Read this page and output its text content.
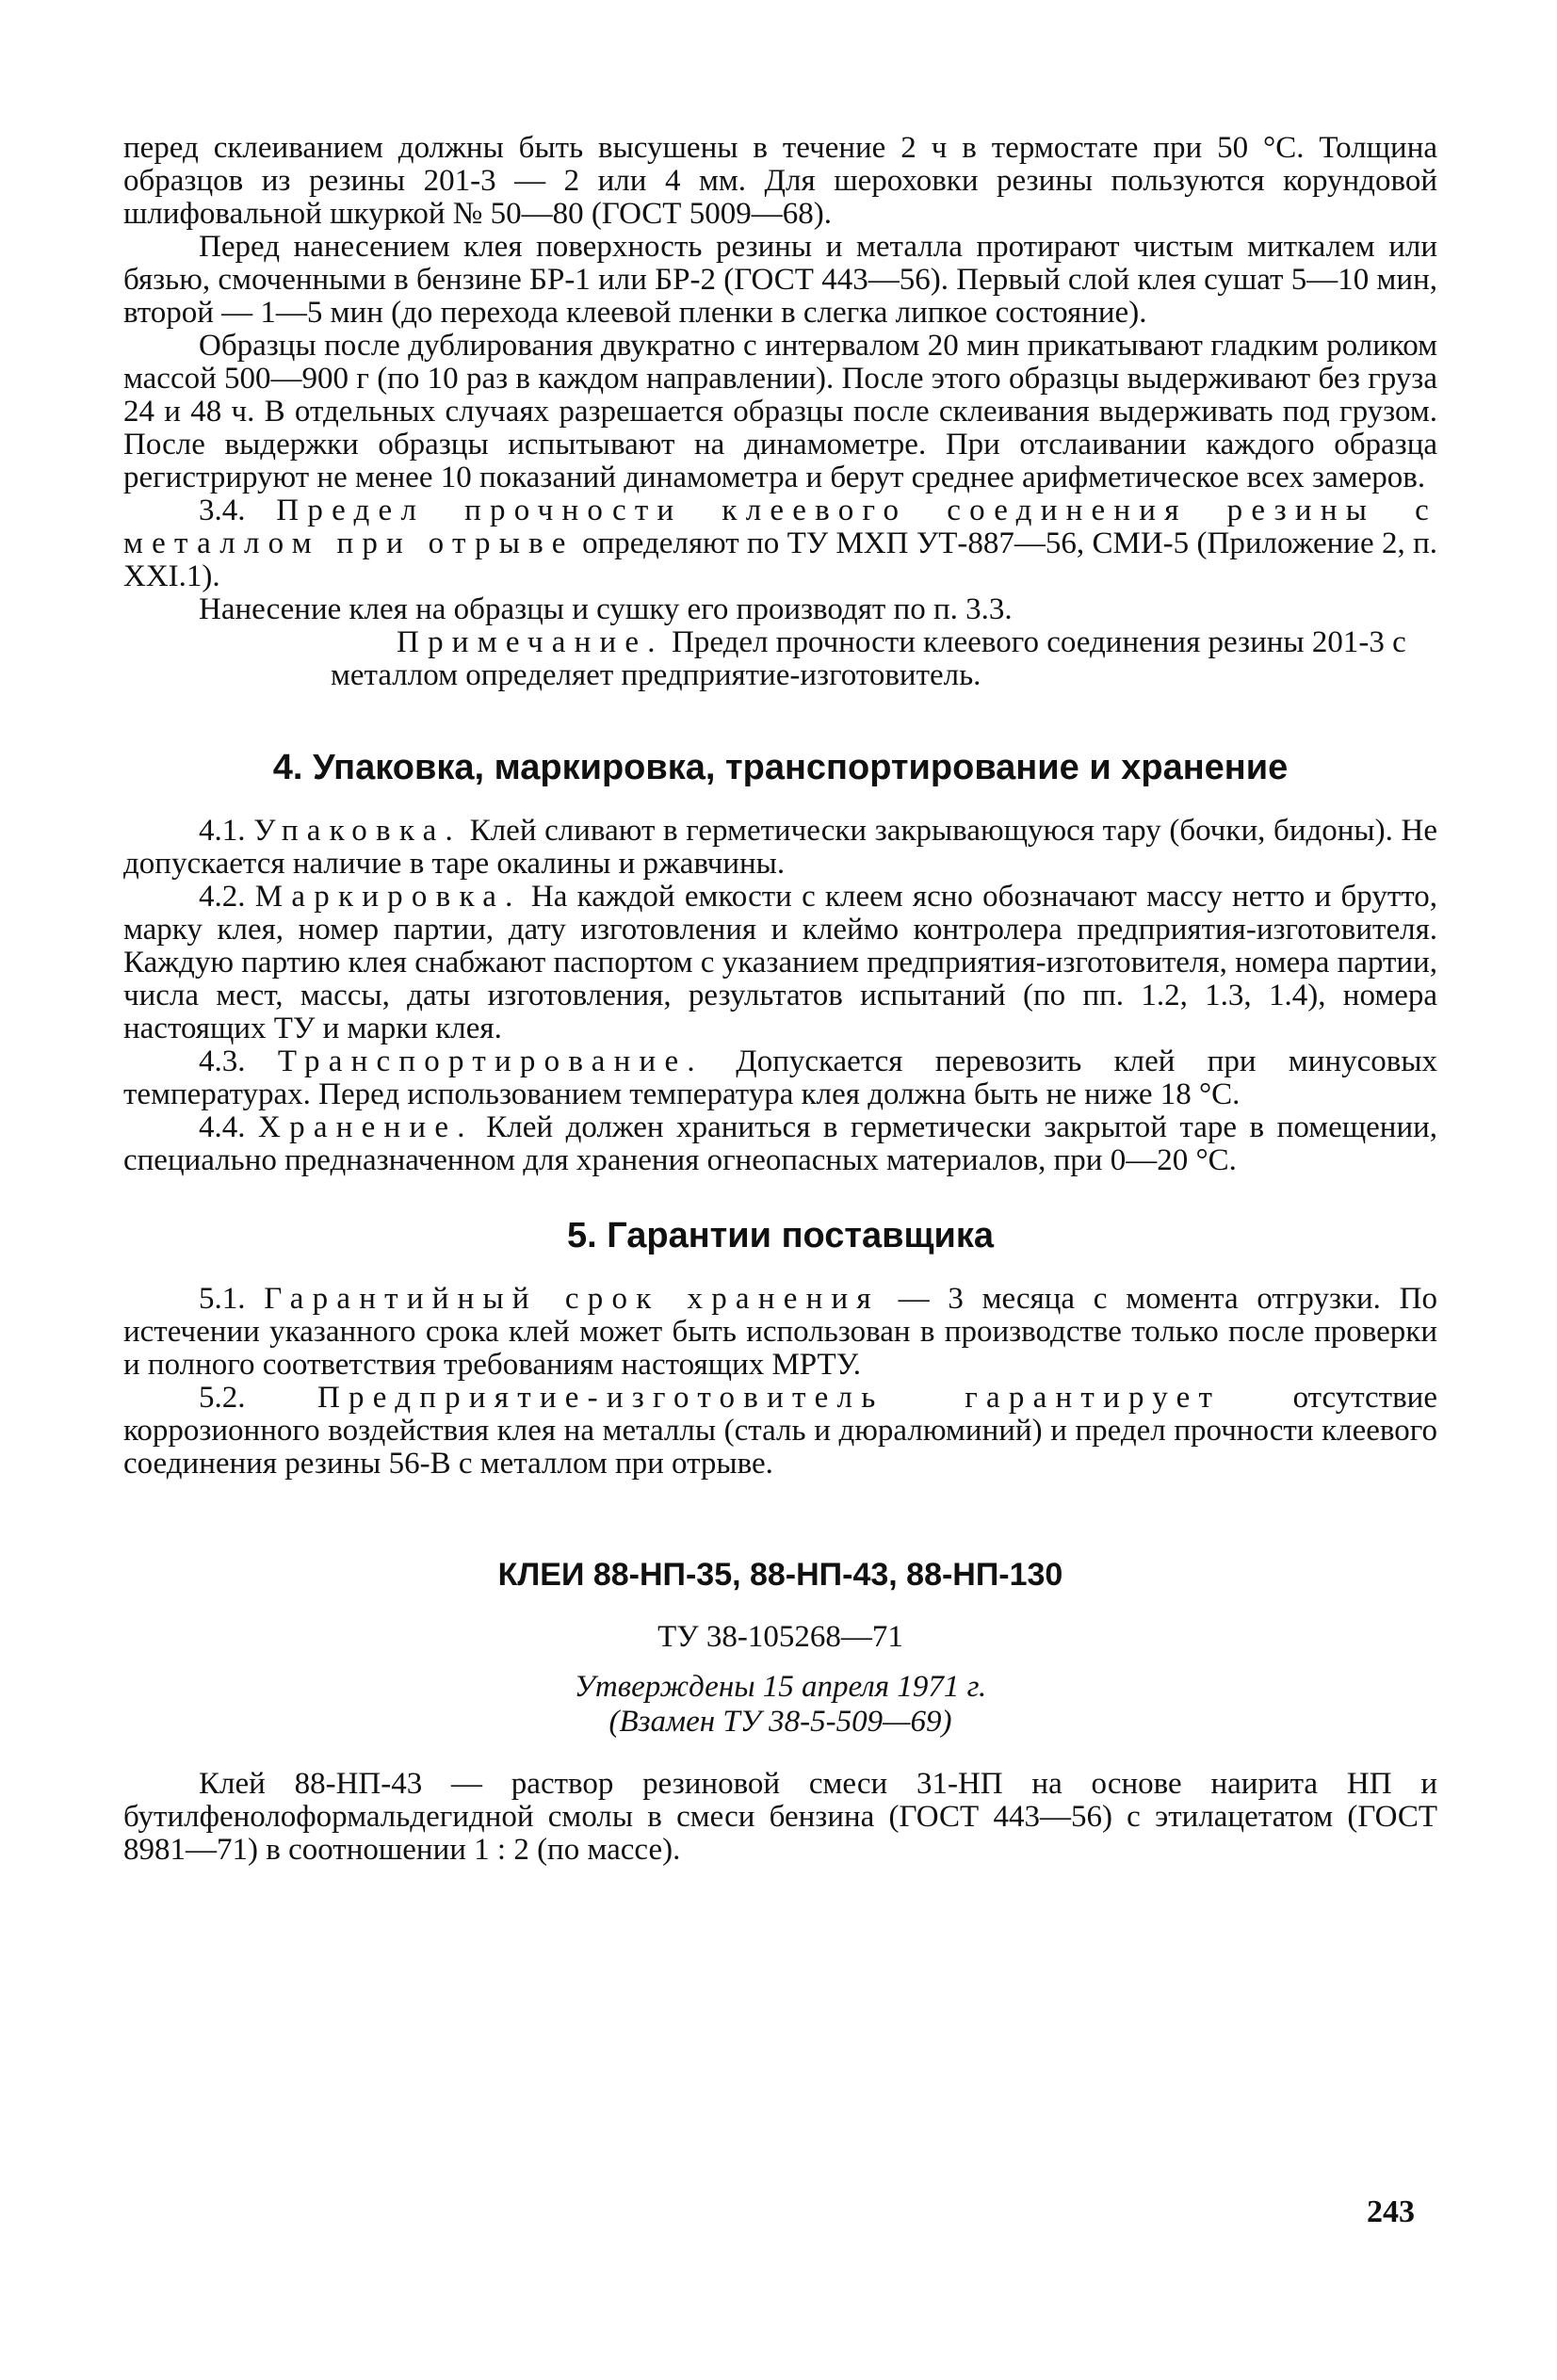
перед склеиванием должны быть высушены в течение 2 ч в термостате при 50 °С. Толщина образцов из резины 201-3 — 2 или 4 мм. Для шероховки резины пользуются корундовой шлифовальной шкуркой № 50—80 (ГОСТ 5009—68).

Перед нанесением клея поверхность резины и металла протирают чистым миткалем или бязью, смоченными в бензине БР-1 или БР-2 (ГОСТ 443—56). Первый слой клея сушат 5—10 мин, второй — 1—5 мин (до перехода клеевой пленки в слегка липкое состояние).

Образцы после дублирования двукратно с интервалом 20 мин прикатывают гладким роликом массой 500—900 г (по 10 раз в каждом направлении). После этого образцы выдерживают без груза 24 и 48 ч. В отдельных случаях разрешается образцы после склеивания выдерживать под грузом. После выдержки образцы испытывают на динамометре. При отслаивании каждого образца регистрируют не менее 10 показаний динамометра и берут среднее арифметическое всех замеров.

3.4. Предел прочности клеевого соединения резины с металлом при отрыве определяют по ТУ МХП УТ-887—56, СМИ-5 (Приложение 2, п. XXI.1).

Нанесение клея на образцы и сушку его производят по п. 3.3.

Примечание. Предел прочности клеевого соединения резины 201-3 с металлом определяет предприятие-изготовитель.

4. Упаковка, маркировка, транспортирование и хранение

4.1. Упаковка. Клей сливают в герметически закрывающуюся тару (бочки, бидоны). Не допускается наличие в таре окалины и ржавчины.

4.2. Маркировка. На каждой емкости с клеем ясно обозначают массу нетто и брутто, марку клея, номер партии, дату изготовления и клеймо контролера предприятия-изготовителя. Каждую партию клея снабжают паспортом с указанием предприятия-изготовителя, номера партии, числа мест, массы, даты изготовления, результатов испытаний (по пп. 1.2, 1.3, 1.4), номера настоящих ТУ и марки клея.

4.3. Транспортирование. Допускается перевозить клей при минусовых температурах. Перед использованием температура клея должна быть не ниже 18 °С.

4.4. Хранение. Клей должен храниться в герметически закрытой таре в помещении, специально предназначенном для хранения огнеопасных материалов, при 0—20 °С.

5. Гарантии поставщика

5.1. Гарантийный срок хранения — 3 месяца с момента отгрузки. По истечении указанного срока клей может быть использован в производстве только после проверки и полного соответствия требованиям настоящих МРТУ.

5.2. Предприятие-изготовитель гарантирует отсутствие коррозионного воздействия клея на металлы (сталь и дюралюминий) и предел прочности клеевого соединения резины 56-В с металлом при отрыве.

КЛЕИ 88-НП-35, 88-НП-43, 88-НП-130

ТУ 38-105268—71

Утверждены 15 апреля 1971 г.

(Взамен ТУ 38-5-509—69)

Клей 88-НП-43 — раствор резиновой смеси 31-НП на основе наирита НП и бутилфенолоформальдегидной смолы в смеси бензина (ГОСТ 443—56) с этилацетатом (ГОСТ 8981—71) в соотношении 1 : 2 (по массе).

243
